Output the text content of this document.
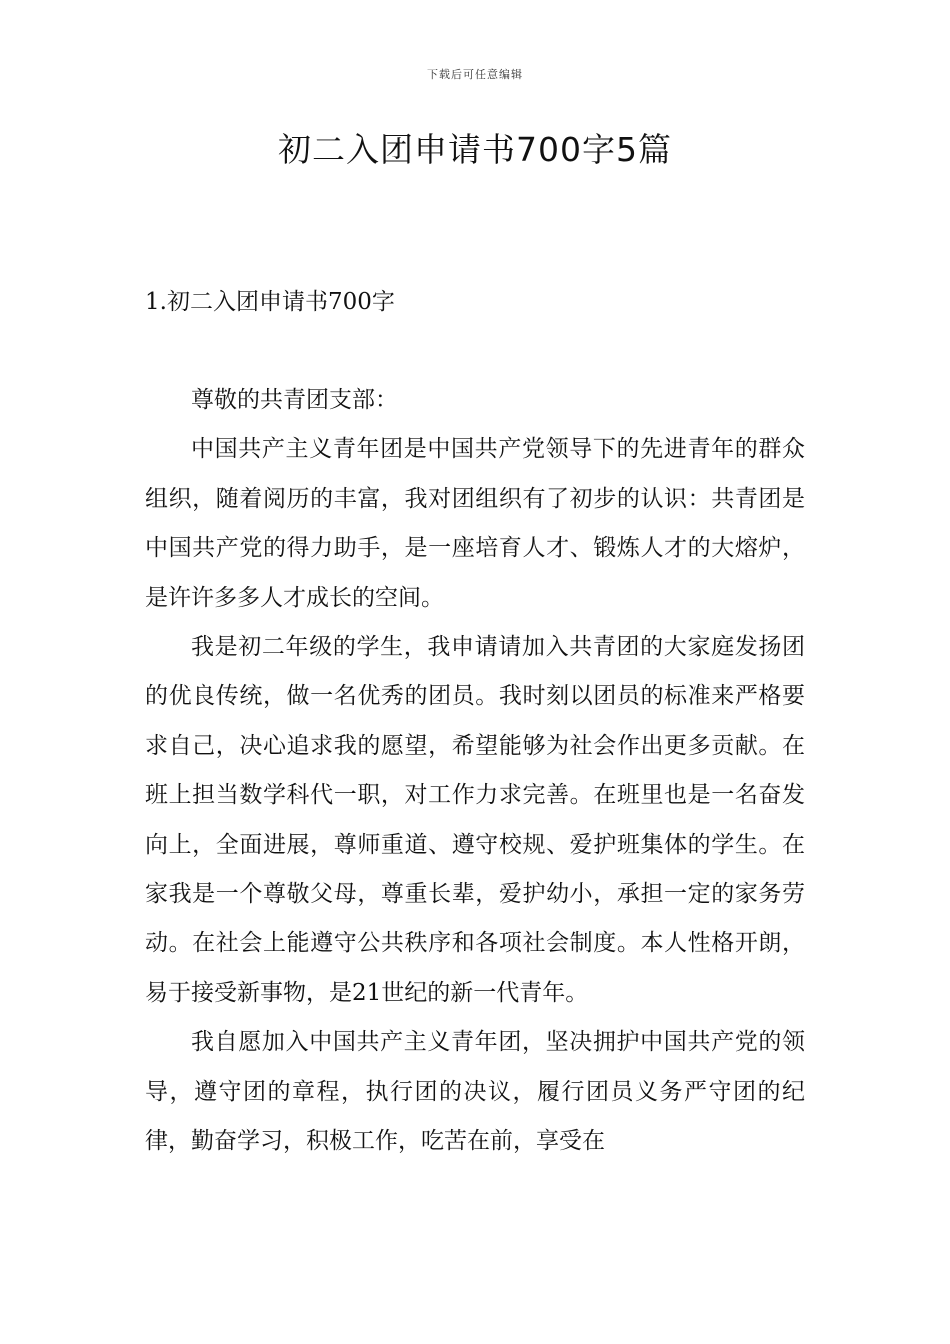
下载后可任意编辑
初二入团申请书700字5篇
1.初二入团申请书700字

尊敬的共青团支部：

中国共产主义青年团是中国共产党领导下的先进青年的群众组织，随着阅历的丰富，我对团组织有了初步的认识：共青团是中国共产党的得力助手，是一座培育人才、锻炼人才的大熔炉，是许许多多人才成长的空间。

我是初二年级的学生，我申请请加入共青团的大家庭发扬团的优良传统，做一名优秀的团员。我时刻以团员的标准来严格要求自己，决心追求我的愿望，希望能够为社会作出更多贡献。在班上担当数学科代一职，对工作力求完善。在班里也是一名奋发向上，全面进展，尊师重道、遵守校规、爱护班集体的学生。在家我是一个尊敬父母，尊重长辈，爱护幼小，承担一定的家务劳动。在社会上能遵守公共秩序和各项社会制度。本人性格开朗，易于接受新事物，是21世纪的新一代青年。

我自愿加入中国共产主义青年团，坚决拥护中国共产党的领导，遵守团的章程，执行团的决议，履行团员义务严守团的纪律，勤奋学习，积极工作，吃苦在前，享受在
